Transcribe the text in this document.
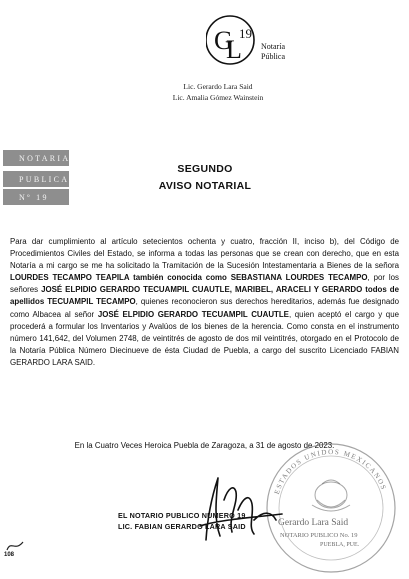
G
L
19
Notaría
Pública
Lic. Gerardo Lara Said
Lic. Amalia Gómez Wainstein
NOTARIA
PUBLICA
Nº 19
SEGUNDO
AVISO NOTARIAL
Para dar cumplimiento al artículo setecientos ochenta y cuatro, fracción II, inciso b), del Código de Procedimientos Civiles del Estado, se informa a todas las personas que se crean con derecho, que en esta Notaría a mi cargo se me ha solicitado la Tramitación de la Sucesión Intestamentaria a Bienes de la señora LOURDES TECAMPO TEAPILA también conocida como SEBASTIANA LOURDES TECAMPO, por los señores JOSÉ ELPIDIO GERARDO TECUAMPIL CUAUTLE, MARIBEL, ARACELI Y GERARDO todos de apellidos TECUAMPIL TECAMPO, quienes reconocieron sus derechos hereditarios, además fue designado como Albacea al señor JOSÉ ELPIDIO GERARDO TECUAMPIL CUAUTLE, quien aceptó el cargo y que procederá a formular los Inventarios y Avalúos de los bienes de la herencia. Como consta en el instrumento número 141,642, del Volumen 2748, de veintitrés de agosto de dos mil veintitrés, otorgado en el Protocolo de la Notaría Pública Número Diecinueve de ésta Ciudad de Puebla, a cargo del suscrito Licenciado FABIAN GERARDO LARA SAID.
En la Cuatro Veces Heroica Puebla de Zaragoza, a 31 de agosto de 2023.
ESTADOS UNIDOS MEXICANOS
Gerardo Lara Said
NOTARIO PUBLICO No. 19
PUEBLA, PUE.
EL NOTARIO PUBLICO NUMERO 19
LIC. FABIAN GERARDO LARA SAID
108
